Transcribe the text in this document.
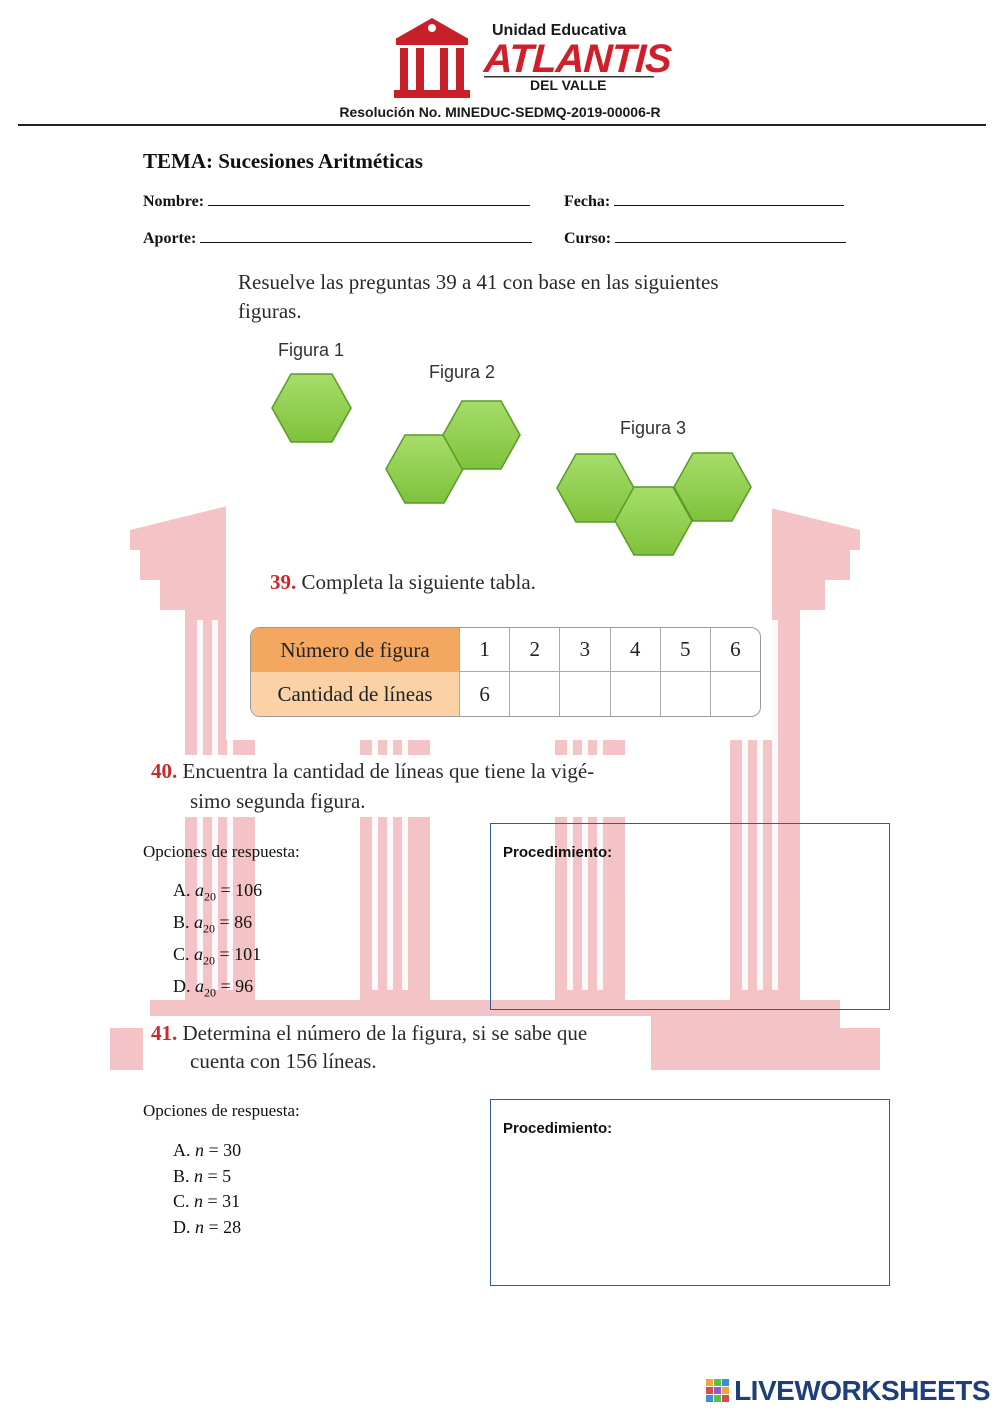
Unidad Educativa
ATLANTIS
DEL VALLE
Resolución No. MINEDUC-SEDMQ-2019-00006-R
TEMA: Sucesiones Aritméticas
Nombre:	Fecha:
Aporte:	Curso:
Resuelve las preguntas 39 a 41 con base en las siguientes
figuras.
Figura 1
Figura 2
Figura 3
39. Completa la siguiente tabla.
Número de figura	1	2	3	4	5	6
Cantidad de líneas	6
40. Encuentra la cantidad de líneas que tiene la vigé-
simo segunda figura.
Opciones de respuesta:

A. $a_{20} = 106$

B. $a_{20} = 86$

C. $a_{20} = 101$

D. $a_{20} = 96$

Procedimiento:
41. Determina el número de la figura, si se sabe que
cuenta con 156 líneas.
Opciones de respuesta:

A. n = 30

B. n = 5

C. n = 31

D. n = 28

Procedimiento:
LIVEWORKSHEETS
